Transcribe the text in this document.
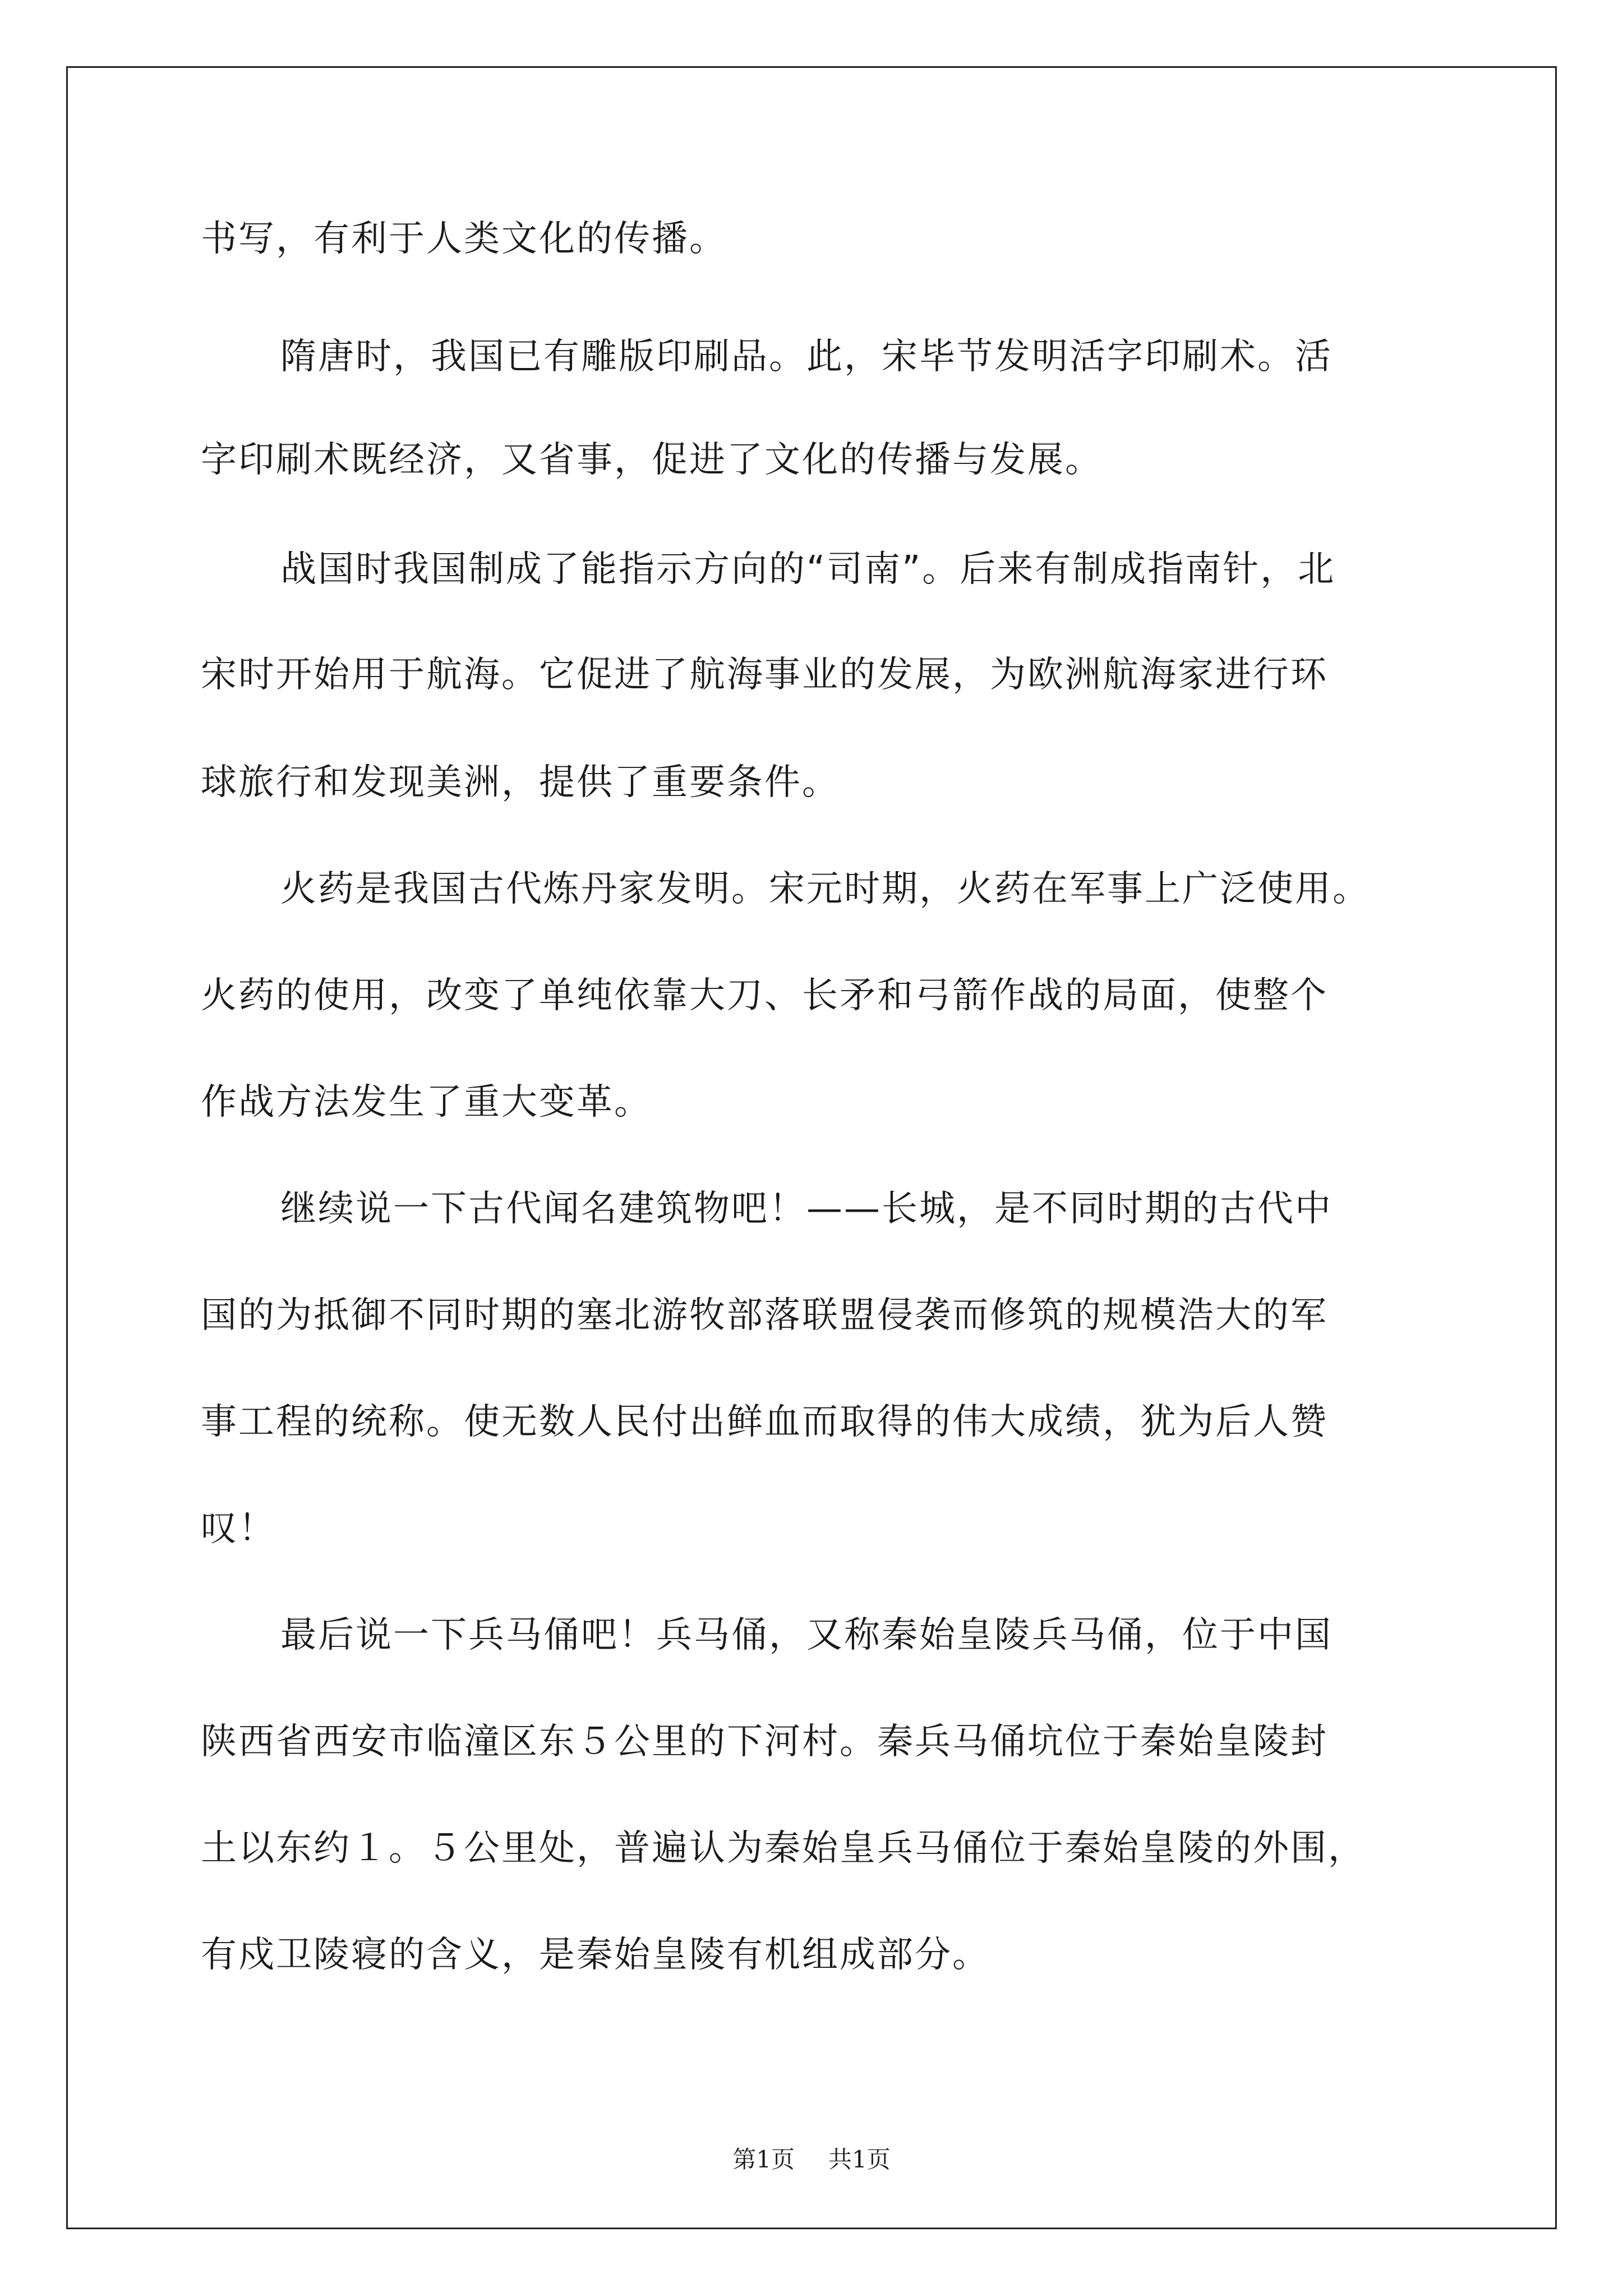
书写，有利于人类文化的传播。
隋唐时，我国已有雕版印刷品。此，宋毕节发明活字印刷术。活
字印刷术既经济，又省事，促进了文化的传播与发展。
战国时我国制成了能指示方向的“司南”。后来有制成指南针，北
宋时开始用于航海。它促进了航海事业的发展，为欧洲航海家进行环
球旅行和发现美洲，提供了重要条件。
火药是我国古代炼丹家发明。宋元时期，火药在军事上广泛使用。
火药的使用，改变了单纯依靠大刀、长矛和弓箭作战的局面，使整个
作战方法发生了重大变革。
继续说一下古代闻名建筑物吧！——长城，是不同时期的古代中
国的为抵御不同时期的塞北游牧部落联盟侵袭而修筑的规模浩大的军
事工程的统称。使无数人民付出鲜血而取得的伟大成绩，犹为后人赞
叹！
最后说一下兵马俑吧！兵马俑，又称秦始皇陵兵马俑，位于中国
陕西省西安市临潼区东５公里的下河村。秦兵马俑坑位于秦始皇陵封
土以东约１。５公里处，普遍认为秦始皇兵马俑位于秦始皇陵的外围，
有戍卫陵寝的含义，是秦始皇陵有机组成部分。
第1页 共1页
